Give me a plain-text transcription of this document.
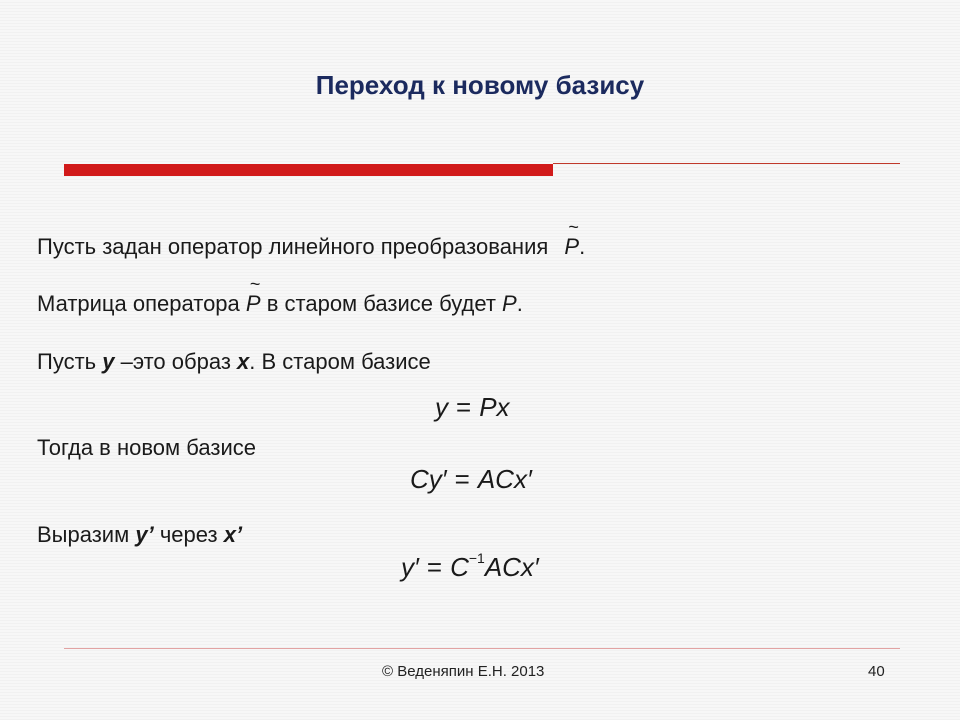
Переход к новому базису
Пусть задан оператор линейного преобразования
~
P.
Матрица оператора
~
P в старом базисе будет P.
Пусть y –это образ x. В старом базисе
y = Px
Тогда в новом базисе
Cy′ = ACx′
Выразим y’ через x’
$y' = C^{-1}ACx'$
© Веденяпин Е.Н. 2013	40
